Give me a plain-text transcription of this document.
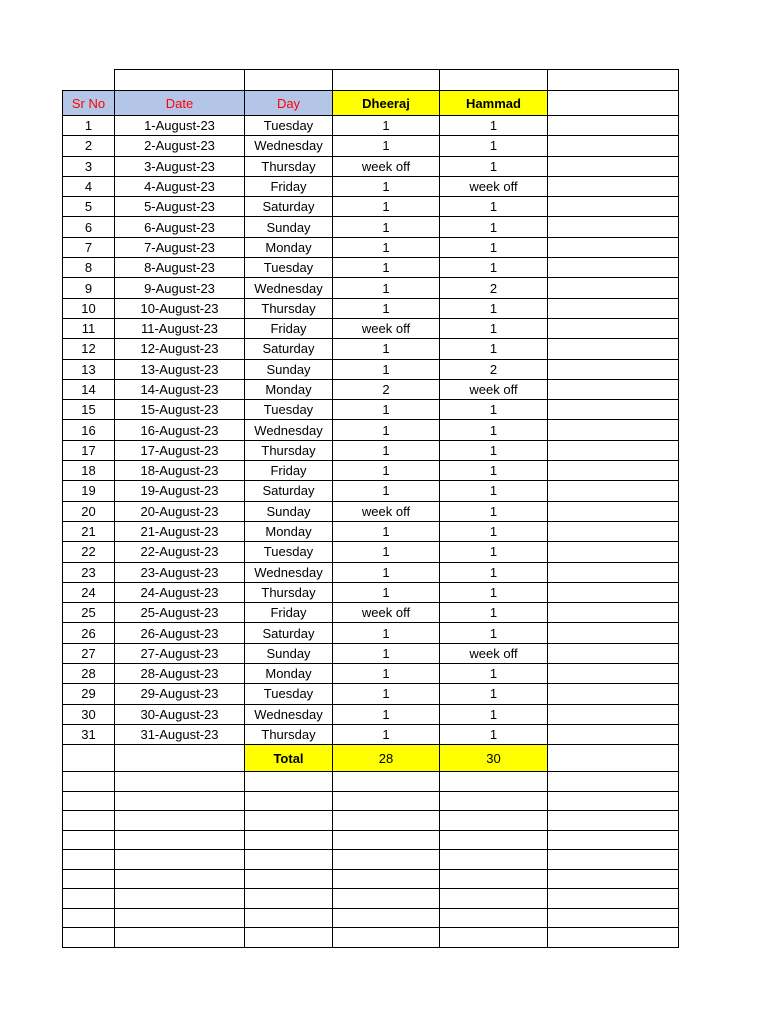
Sr No	Date	Day	Dheeraj	Hammad	
1	1-August-23	Tuesday	1	1	
2	2-August-23	Wednesday	1	1	
3	3-August-23	Thursday	week off	1	
4	4-August-23	Friday	1	week off	
5	5-August-23	Saturday	1	1	
6	6-August-23	Sunday	1	1	
7	7-August-23	Monday	1	1	
8	8-August-23	Tuesday	1	1	
9	9-August-23	Wednesday	1	2	
10	10-August-23	Thursday	1	1	
11	11-August-23	Friday	week off	1	
12	12-August-23	Saturday	1	1	
13	13-August-23	Sunday	1	2	
14	14-August-23	Monday	2	week off	
15	15-August-23	Tuesday	1	1	
16	16-August-23	Wednesday	1	1	
17	17-August-23	Thursday	1	1	
18	18-August-23	Friday	1	1	
19	19-August-23	Saturday	1	1	
20	20-August-23	Sunday	week off	1	
21	21-August-23	Monday	1	1	
22	22-August-23	Tuesday	1	1	
23	23-August-23	Wednesday	1	1	
24	24-August-23	Thursday	1	1	
25	25-August-23	Friday	week off	1	
26	26-August-23	Saturday	1	1	
27	27-August-23	Sunday	1	week off	
28	28-August-23	Monday	1	1	
29	29-August-23	Tuesday	1	1	
30	30-August-23	Wednesday	1	1	
31	31-August-23	Thursday	1	1	
		Total	28	30	
